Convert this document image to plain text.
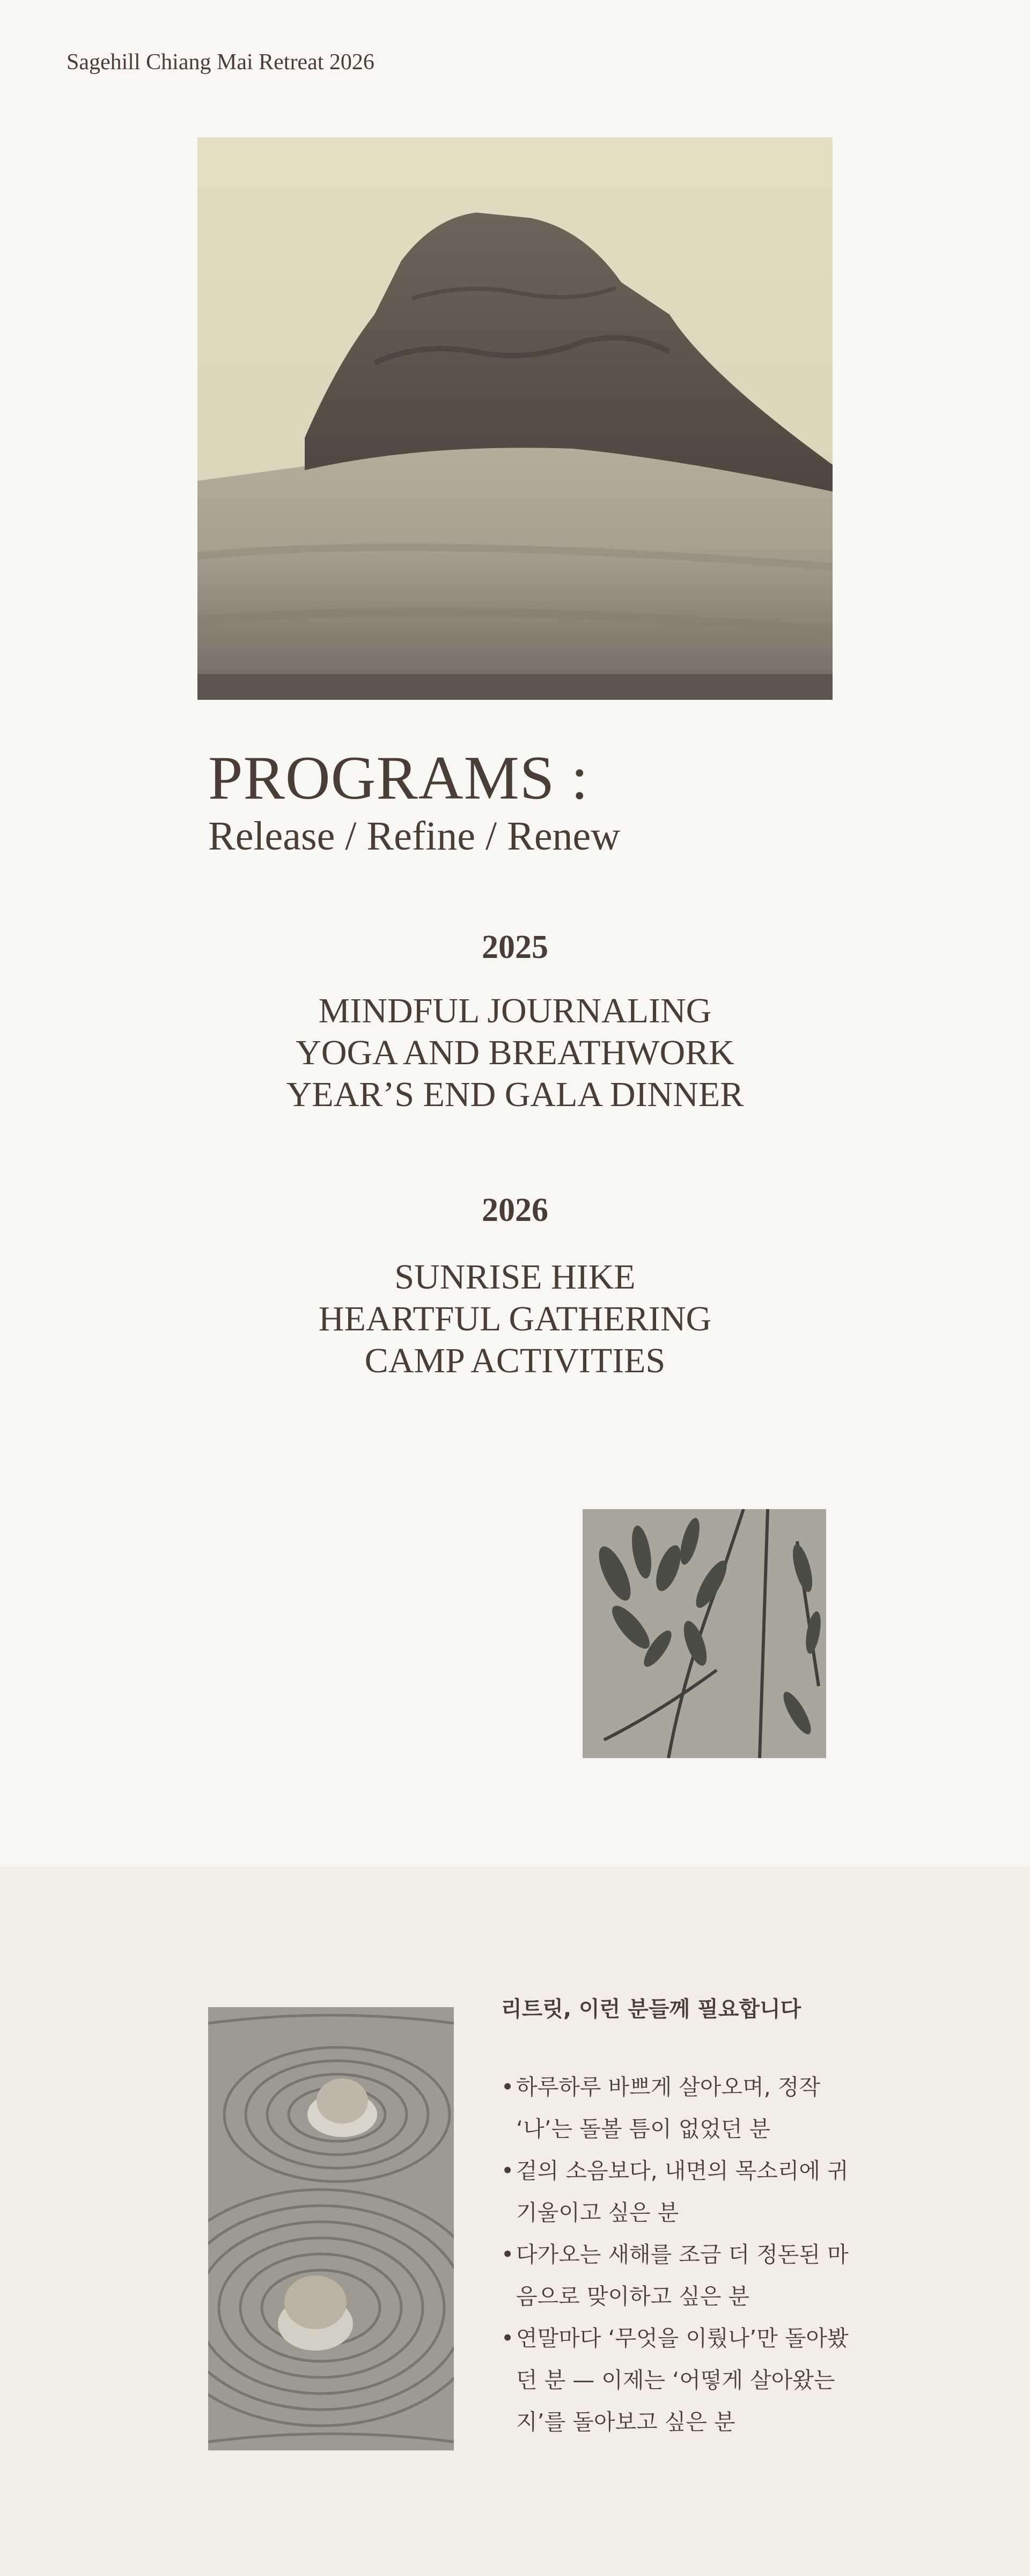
Sagehill Chiang Mai Retreat 2026
PROGRAMS :
Release / Refine / Renew
2025
MINDFUL JOURNALING
YOGA AND BREATHWORK
YEAR’S END GALA DINNER
2026
SUNRISE HIKE
HEARTFUL GATHERING
CAMP ACTIVITIES
리트릿, 이런 분들께 필요합니다
• 하루하루 바쁘게 살아오며, 정작 ‘나’는 돌볼 틈이 없었던 분
• 겉의 소음보다, 내면의 목소리에 귀 기울이고 싶은 분
• 다가오는 새해를 조금 더 정돈된 마음으로 맞이하고 싶은 분
• 연말마다 ‘무엇을 이뤘나’만 돌아봤던 분 — 이제는 ‘어떻게 살아왔는지’를 돌아보고 싶은 분
